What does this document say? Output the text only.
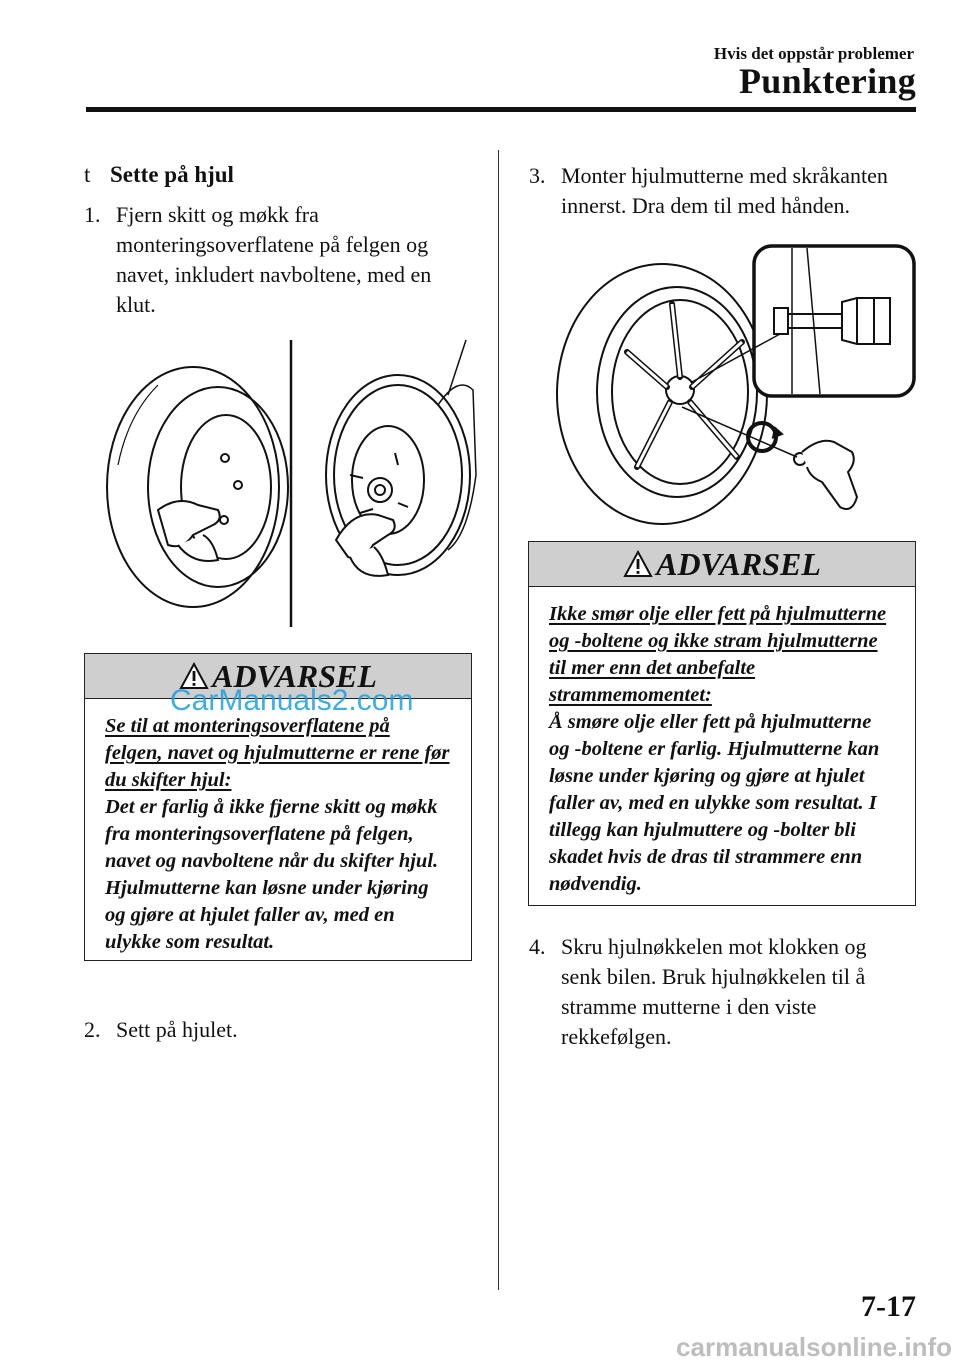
Hvis det oppstår problemer
Punktering
t Sette på hjul
1. Fjern skitt og møkk fra monteringsoverflatene på felgen og navet, inkludert navboltene, med en klut.
ADVARSEL
Se til at monteringsoverflatene på felgen, navet og hjulmutterne er rene før du skifter hjul:
Det er farlig å ikke fjerne skitt og møkk fra monteringsoverflatene på felgen, navet og navboltene når du skifter hjul. Hjulmutterne kan løsne under kjøring og gjøre at hjulet faller av, med en ulykke som resultat.
CarManuals2.com
2. Sett på hjulet.
3. Monter hjulmutterne med skråkanten innerst. Dra dem til med hånden.
ADVARSEL
Ikke smør olje eller fett på hjulmutterne og -boltene og ikke stram hjulmutterne til mer enn det anbefalte strammemomentet:
Å smøre olje eller fett på hjulmutterne og -boltene er farlig. Hjulmutterne kan løsne under kjøring og gjøre at hjulet faller av, med en ulykke som resultat. I tillegg kan hjulmuttere og -bolter bli skadet hvis de dras til strammere enn nødvendig.
4. Skru hjulnøkkelen mot klokken og senk bilen. Bruk hjulnøkkelen til å stramme mutterne i den viste rekkefølgen.
7-17
carmanualsonline.info
